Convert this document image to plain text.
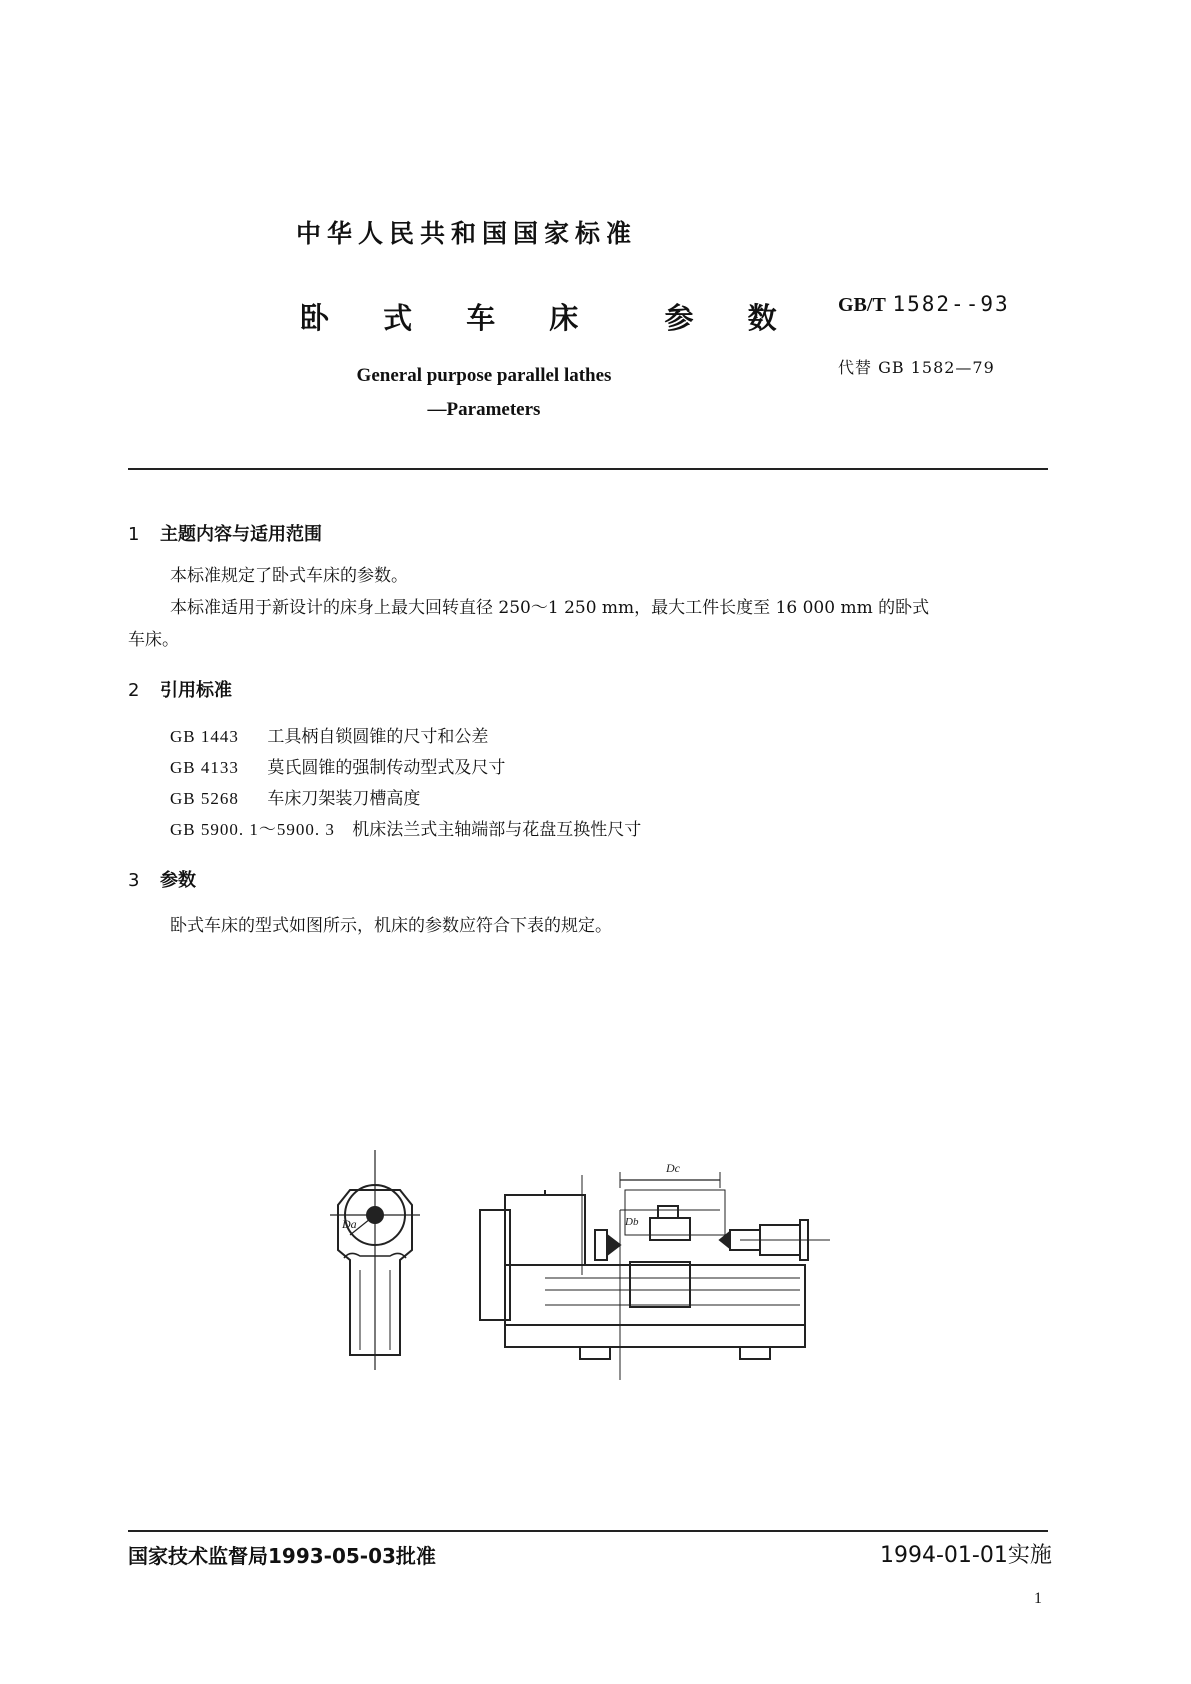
中华人民共和国国家标准
卧 式 车 床  参 数 GB/T 1582--93
代替 GB 1582—79
General purpose parallel lathes
—Parameters
1 主题内容与适用范围
本标准规定了卧式车床的参数。
本标准适用于新设计的床身上最大回转直径 250～1 250 mm，最大工件长度至 16 000 mm 的卧式
车床。
2 引用标准
GB 1443 工具柄自锁圆锥的尺寸和公差
GB 4133 莫氏圆锥的强制传动型式及尺寸
GB 5268 车床刀架装刀槽高度
GB 5900. 1～5900. 3 机床法兰式主轴端部与花盘互换性尺寸
3 参数
卧式车床的型式如图所示，机床的参数应符合下表的规定。
Da
Dc
Db
国家技术监督局1993-05-03批准	1994-01-01实施
1
